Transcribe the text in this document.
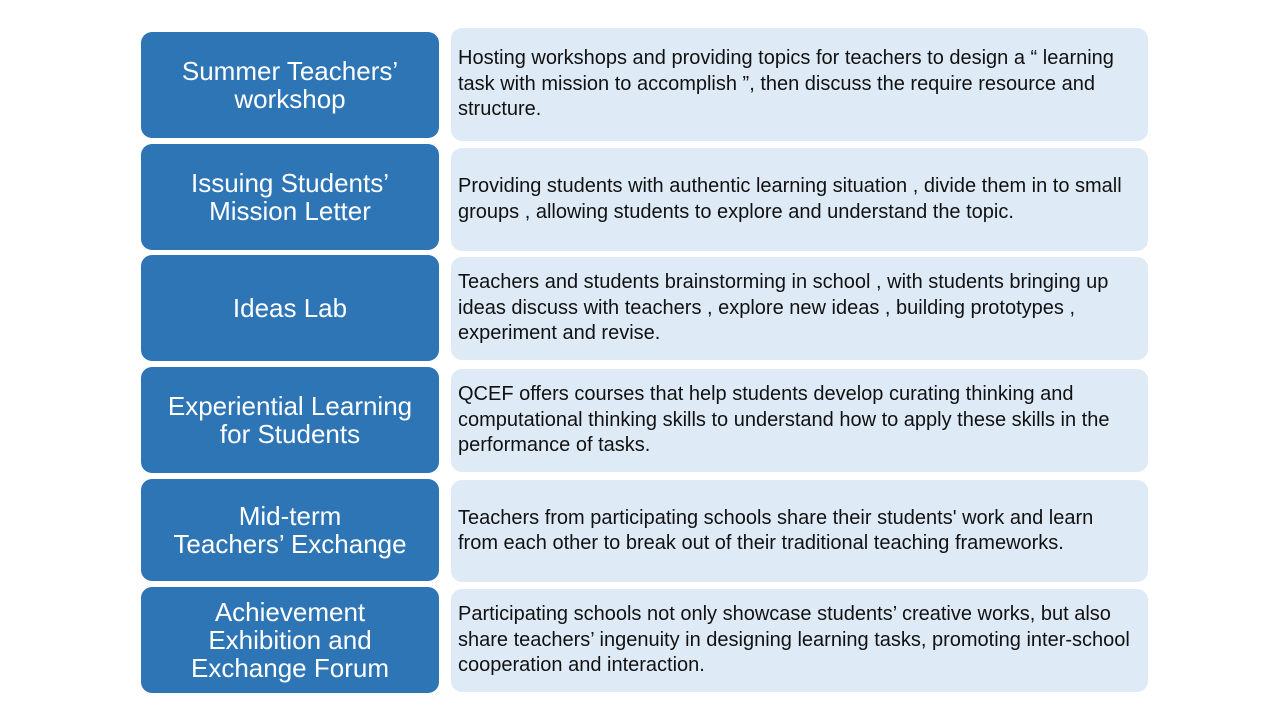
Summer Teachers’
workshop
Hosting workshops and providing topics for teachers to design a “ learning task with mission to accomplish ”, then discuss the require resource and structure.
Issuing Students’
Mission Letter
Providing students with authentic learning situation , divide them in to small groups , allowing students to explore and understand the topic.
Ideas Lab
Teachers and students brainstorming in school , with students bringing up ideas discuss with teachers , explore new ideas , building prototypes , experiment and revise.
Experiential Learning
for Students
QCEF offers courses that help students develop curating thinking and computational thinking skills to understand how to apply these skills in the performance of tasks.
Mid-term
Teachers’ Exchange
Teachers from participating schools share their students' work and learn from each other to break out of their traditional teaching frameworks.
Achievement
Exhibition and
Exchange Forum
Participating schools not only showcase students’ creative works, but also share teachers’ ingenuity in designing learning tasks, promoting inter-school cooperation and interaction.
